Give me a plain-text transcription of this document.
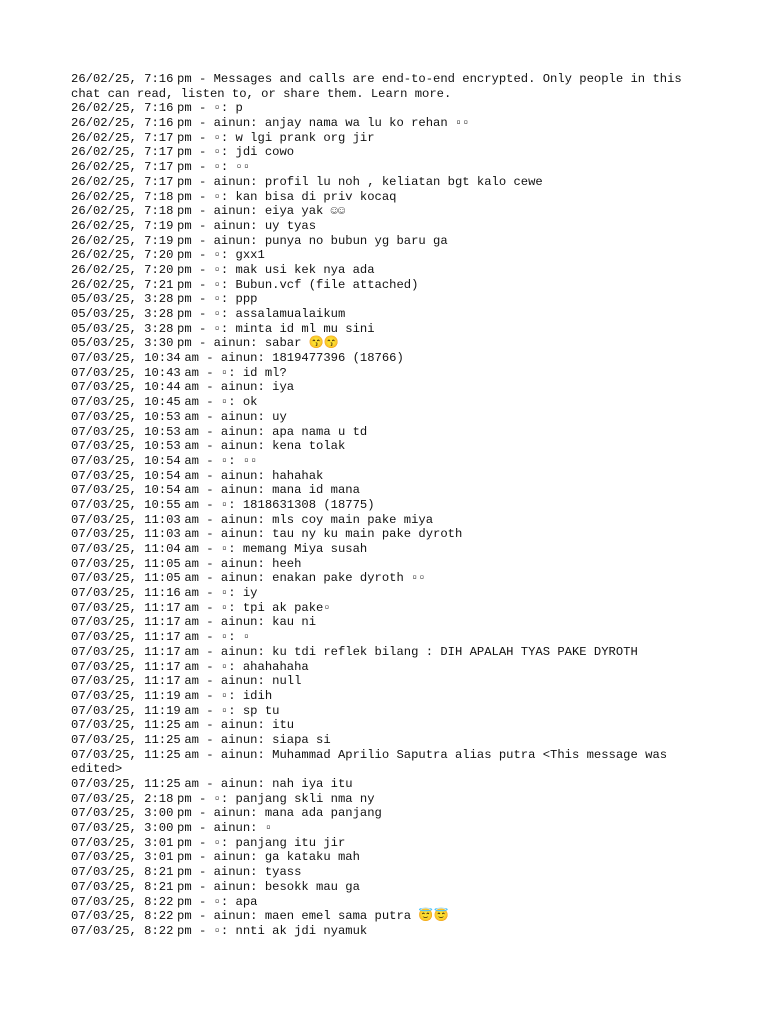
26/02/25, 7:16 pm - Messages and calls are end-to-end encrypted. Only people in this chat can read, listen to, or share them. Learn more.
26/02/25, 7:16 pm - ▫: p
26/02/25, 7:16 pm - ainun: anjay nama wa lu ko rehan ▫▫
26/02/25, 7:17 pm - ▫: w lgi prank org jir
26/02/25, 7:17 pm - ▫: jdi cowo
26/02/25, 7:17 pm - ▫: ▫▫
26/02/25, 7:17 pm - ainun: profil lu noh , keliatan bgt kalo cewe
26/02/25, 7:18 pm - ▫: kan bisa di priv kocaq
26/02/25, 7:18 pm - ainun: eiya yak ☺☺
26/02/25, 7:19 pm - ainun: uy tyas
26/02/25, 7:19 pm - ainun: punya no bubun yg baru ga
26/02/25, 7:20 pm - ▫: gxx1
26/02/25, 7:20 pm - ▫: mak usi kek nya ada
26/02/25, 7:21 pm - ▫: Bubun.vcf (file attached)
05/03/25, 3:28 pm - ▫: ppp
05/03/25, 3:28 pm - ▫: assalamualaikum
05/03/25, 3:28 pm - ▫: minta id ml mu sini
05/03/25, 3:30 pm - ainun: sabar 😙😙
07/03/25, 10:34 am - ainun: 1819477396 (18766)
07/03/25, 10:43 am - ▫: id ml?
07/03/25, 10:44 am - ainun: iya
07/03/25, 10:45 am - ▫: ok
07/03/25, 10:53 am - ainun: uy
07/03/25, 10:53 am - ainun: apa nama u td
07/03/25, 10:53 am - ainun: kena tolak
07/03/25, 10:54 am - ▫: ▫▫
07/03/25, 10:54 am - ainun: hahahak
07/03/25, 10:54 am - ainun: mana id mana
07/03/25, 10:55 am - ▫: 1818631308 (18775)
07/03/25, 11:03 am - ainun: mls coy main pake miya
07/03/25, 11:03 am - ainun: tau ny ku main pake dyroth
07/03/25, 11:04 am - ▫: memang Miya susah
07/03/25, 11:05 am - ainun: heeh
07/03/25, 11:05 am - ainun: enakan pake dyroth ▫▫
07/03/25, 11:16 am - ▫: iy
07/03/25, 11:17 am - ▫: tpi ak pake▫
07/03/25, 11:17 am - ainun: kau ni
07/03/25, 11:17 am - ▫: ▫
07/03/25, 11:17 am - ainun: ku tdi reflek bilang : DIH APALAH TYAS PAKE DYROTH
07/03/25, 11:17 am - ▫: ahahahaha
07/03/25, 11:17 am - ainun: null
07/03/25, 11:19 am - ▫: idih
07/03/25, 11:19 am - ▫: sp tu
07/03/25, 11:25 am - ainun: itu
07/03/25, 11:25 am - ainun: siapa si
07/03/25, 11:25 am - ainun: Muhammad Aprilio Saputra alias putra <This message was edited>
07/03/25, 11:25 am - ainun: nah iya itu
07/03/25, 2:18 pm - ▫: panjang skli nma ny
07/03/25, 3:00 pm - ainun: mana ada panjang
07/03/25, 3:00 pm - ainun: ▫
07/03/25, 3:01 pm - ▫: panjang itu jir
07/03/25, 3:01 pm - ainun: ga kataku mah
07/03/25, 8:21 pm - ainun: tyass
07/03/25, 8:21 pm - ainun: besokk mau ga
07/03/25, 8:22 pm - ▫: apa
07/03/25, 8:22 pm - ainun: maen emel sama putra 😇😇
07/03/25, 8:22 pm - ▫: nnti ak jdi nyamuk
